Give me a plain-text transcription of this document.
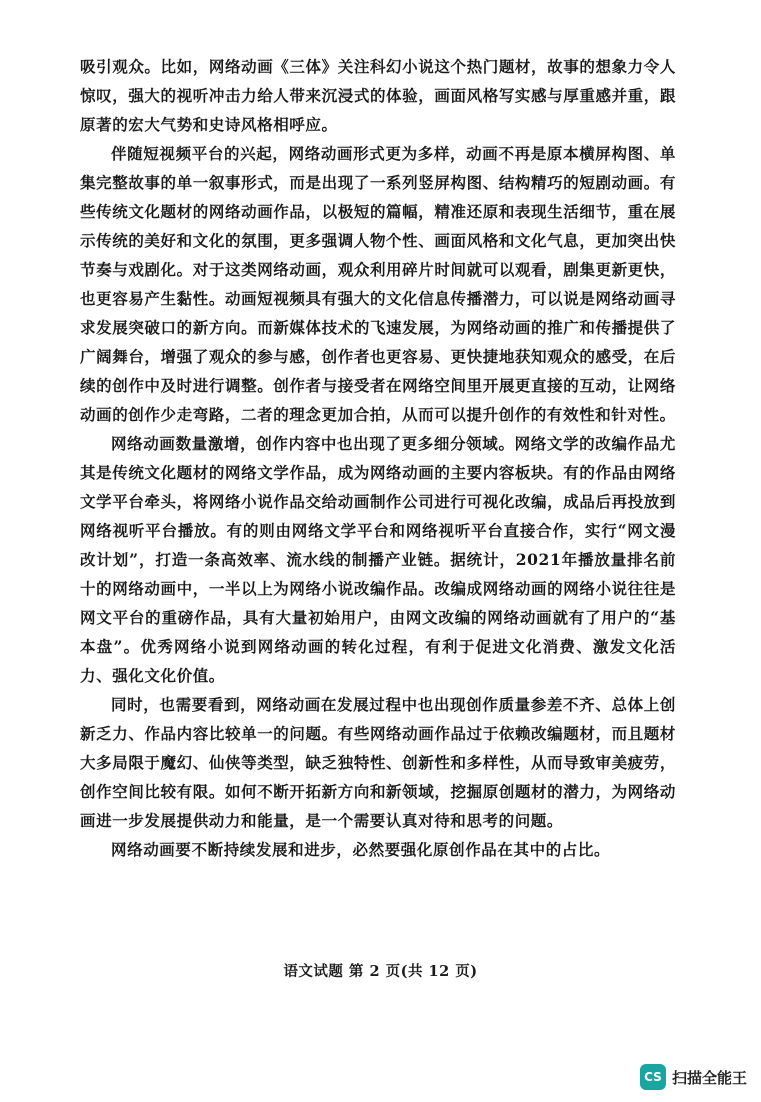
吸引观众。比如，网络动画《三体》关注科幻小说这个热门题材，故事的想象力令人惊叹，强大的视听冲击力给人带来沉浸式的体验，画面风格写实感与厚重感并重，跟原著的宏大气势和史诗风格相呼应。

伴随短视频平台的兴起，网络动画形式更为多样，动画不再是原本横屏构图、单集完整故事的单一叙事形式，而是出现了一系列竖屏构图、结构精巧的短剧动画。有些传统文化题材的网络动画作品，以极短的篇幅，精准还原和表现生活细节，重在展示传统的美好和文化的氛围，更多强调人物个性、画面风格和文化气息，更加突出快节奏与戏剧化。对于这类网络动画，观众利用碎片时间就可以观看，剧集更新更快，也更容易产生黏性。动画短视频具有强大的文化信息传播潜力，可以说是网络动画寻求发展突破口的新方向。而新媒体技术的飞速发展，为网络动画的推广和传播提供了广阔舞台，增强了观众的参与感，创作者也更容易、更快捷地获知观众的感受，在后续的创作中及时进行调整。创作者与接受者在网络空间里开展更直接的互动，让网络动画的创作少走弯路，二者的理念更加合拍，从而可以提升创作的有效性和针对性。

网络动画数量激增，创作内容中也出现了更多细分领域。网络文学的改编作品尤其是传统文化题材的网络文学作品，成为网络动画的主要内容板块。有的作品由网络文学平台牵头，将网络小说作品交给动画制作公司进行可视化改编，成品后再投放到网络视听平台播放。有的则由网络文学平台和网络视听平台直接合作，实行“网文漫改计划”，打造一条高效率、流水线的制播产业链。据统计，2021年播放量排名前十的网络动画中，一半以上为网络小说改编作品。改编成网络动画的网络小说往往是网文平台的重磅作品，具有大量初始用户，由网文改编的网络动画就有了用户的“基本盘”。优秀网络小说到网络动画的转化过程，有利于促进文化消费、激发文化活力、强化文化价值。

同时，也需要看到，网络动画在发展过程中也出现创作质量参差不齐、总体上创新乏力、作品内容比较单一的问题。有些网络动画作品过于依赖改编题材，而且题材大多局限于魔幻、仙侠等类型，缺乏独特性、创新性和多样性，从而导致审美疲劳，创作空间比较有限。如何不断开拓新方向和新领域，挖掘原创题材的潜力，为网络动画进一步发展提供动力和能量，是一个需要认真对待和思考的问题。

网络动画要不断持续发展和进步，必然要强化原创作品在其中的占比。

语文试题 第 2 页(共 12 页)
CS 扫描全能王
